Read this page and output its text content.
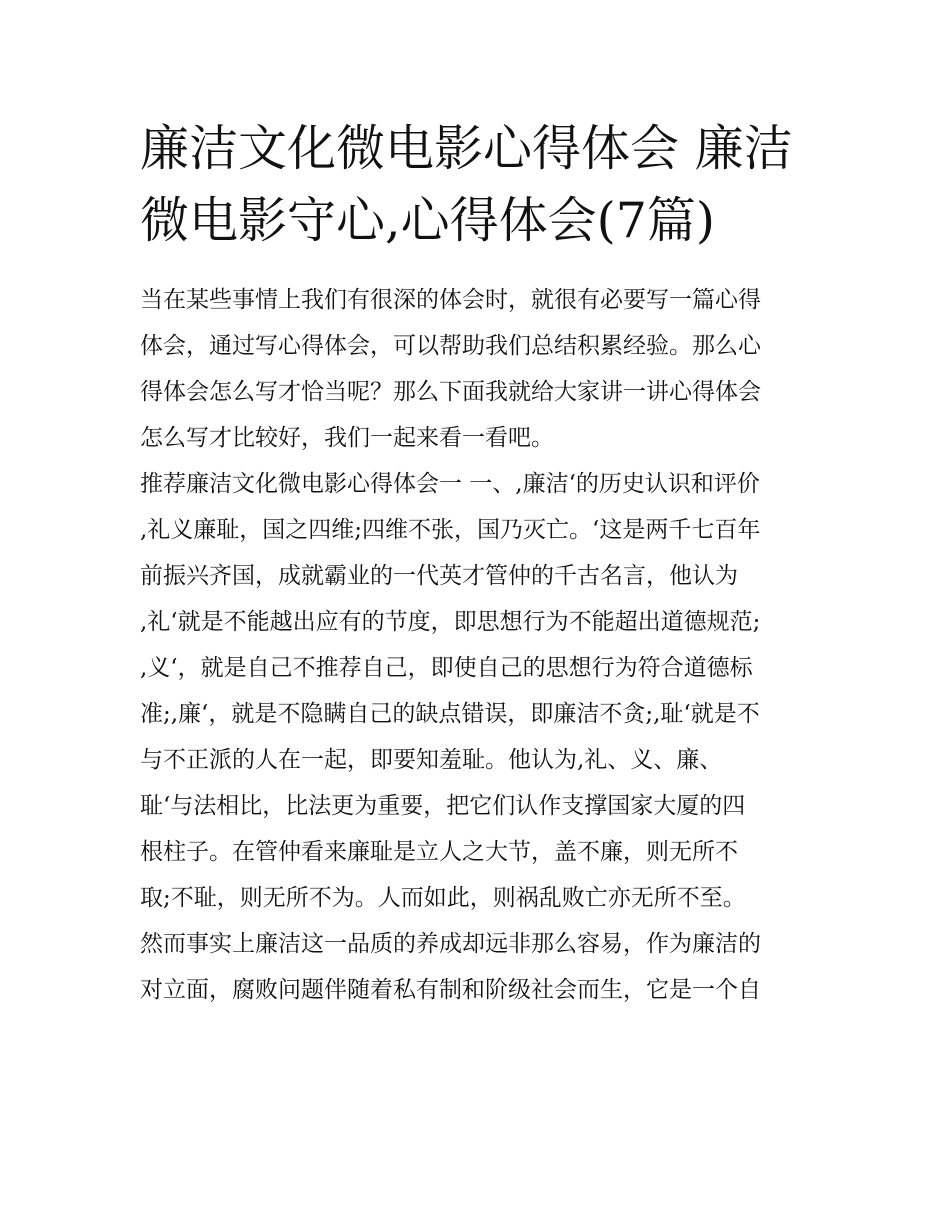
廉洁文化微电影心得体会 廉洁
微电影守心,心得体会(7篇)
当在某些事情上我们有很深的体会时，就很有必要写一篇心得
体会，通过写心得体会，可以帮助我们总结积累经验。那么心
得体会怎么写才恰当呢？那么下面我就给大家讲一讲心得体会
怎么写才比较好，我们一起来看一看吧。
推荐廉洁文化微电影心得体会一 一、,廉洁‘的历史认识和评价
,礼义廉耻，国之四维;四维不张，国乃灭亡。‘这是两千七百年
前振兴齐国，成就霸业的一代英才管仲的千古名言，他认为
,礼‘就是不能越出应有的节度，即思想行为不能超出道德规范;
,义‘，就是自己不推荐自己，即使自己的思想行为符合道德标
准;,廉‘，就是不隐瞒自己的缺点错误，即廉洁不贪;,耻‘就是不
与不正派的人在一起，即要知羞耻。他认为,礼、义、廉、
耻‘与法相比，比法更为重要，把它们认作支撑国家大厦的四
根柱子。在管仲看来廉耻是立人之大节，盖不廉，则无所不
取;不耻，则无所不为。人而如此，则祸乱败亡亦无所不至。
然而事实上廉洁这一品质的养成却远非那么容易，作为廉洁的
对立面，腐败问题伴随着私有制和阶级社会而生，它是一个自
